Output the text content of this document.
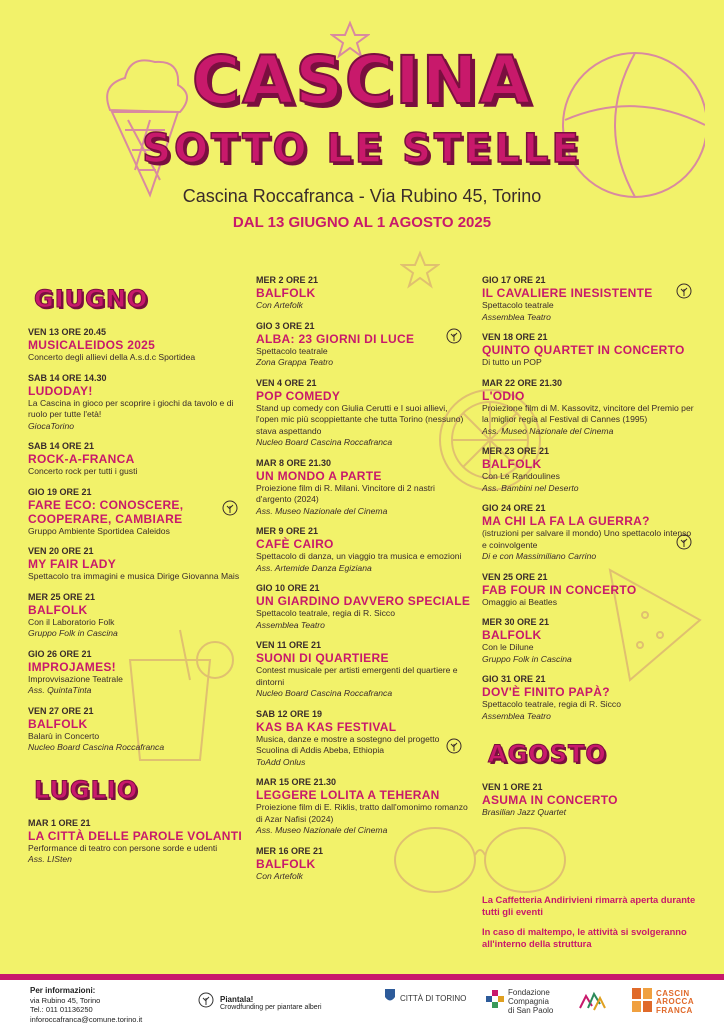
CASCINA
SOTTO LE STELLE
Cascina Roccafranca - Via Rubino 45, Torino
DAL 13 GIUGNO AL 1 AGOSTO 2025
GIUGNO
VEN 13 ORE 20.45
MUSICALEIDOS 2025
Concerto degli allievi della A.s.d.c Sportidea
SAB 14 ORE 14.30
LUDODAY!
La Cascina in gioco per scoprire i giochi da tavolo e di ruolo per tutte l'età!
GiocaTorino
SAB 14 ORE 21
ROCK-A-FRANCA
Concerto rock per tutti i gusti
GIO 19 ORE 21
FARE ECO: CONOSCERE, COOPERARE, CAMBIARE
Gruppo Ambiente Sportidea Caleidos
VEN 20 ORE 21
MY FAIR LADY
Spettacolo tra immagini e musica Dirige Giovanna Mais
MER 25 ORE 21
BALFOLK
Con il Laboratorio Folk
Gruppo Folk in Cascina
GIO 26 ORE 21
IMPROJAMES!
Improvvisazione Teatrale
Ass. QuintaTinta
VEN 27 ORE 21
BALFOLK
Balarù in Concerto
Nucleo Board Cascina Roccafranca
LUGLIO
MAR 1 ORE 21
LA CITTÀ DELLE PAROLE VOLANTI
Performance di teatro con persone sorde e udenti
Ass. LISten
MER 2 ORE 21
BALFOLK
Con Artefolk
GIO 3 ORE 21
ALBA: 23 GIORNI DI LUCE
Spettacolo teatrale
Zona Grappa Teatro
VEN 4 ORE 21
POP COMEDY
Stand up comedy con Giulia Cerutti e I suoi allievi, l'open mic più scoppiettante che tutta Torino (nessuno) stava aspettando
Nucleo Board Cascina Roccafranca
MAR 8 ORE 21.30
UN MONDO A PARTE
Proiezione film di R. Milani. Vincitore di 2 nastri d'argento (2024)
Ass. Museo Nazionale del Cinema
MER 9 ORE 21
CAFÈ CAIRO
Spettacolo di danza, un viaggio tra musica e emozioni
Ass. Artemide Danza Egiziana
GIO 10 ORE 21
UN GIARDINO DAVVERO SPECIALE
Spettacolo teatrale, regia di R. Sicco
Assemblea Teatro
VEN 11 ORE 21
SUONI DI QUARTIERE
Contest musicale per artisti emergenti del quartiere e dintorni
Nucleo Board Cascina Roccafranca
SAB 12 ORE 19
KAS BA KAS FESTIVAL
Musica, danze e mostre a sostegno del progetto Scuolina di Addis Abeba, Ethiopia
ToAdd Onlus
MAR 15 ORE 21.30
LEGGERE LOLITA A TEHERAN
Proiezione film di E. Riklis, tratto dall'omonimo romanzo di Azar Nafisi (2024)
Ass. Museo Nazionale del Cinema
MER 16 ORE 21
BALFOLK
Con Artefolk
GIO 17 ORE 21
IL CAVALIERE INESISTENTE
Spettacolo teatrale
Assemblea Teatro
VEN 18 ORE 21
QUINTO QUARTET IN CONCERTO
Di tutto un POP
MAR 22 ORE 21.30
L'ODIO
Proiezione film di M. Kassovitz, vincitore del Premio per la miglior regia al Festival di Cannes (1995)
Ass. Museo Nazionale del Cinema
MER 23 ORE 21
BALFOLK
Con Le Randoulines
Ass. Bambini nel Deserto
GIO 24 ORE 21
MA CHI LA FA LA GUERRA?
(istruzioni per salvare il mondo) Uno spettacolo intenso e coinvolgente
Di e con Massimiliano Carrino
VEN 25 ORE 21
FAB FOUR IN CONCERTO
Omaggio ai Beatles
MER 30 ORE 21
BALFOLK
Con le Dilune
Gruppo Folk in Cascina
GIO 31 ORE 21
DOV'È FINITO PAPÀ?
Spettacolo teatrale, regia di R. Sicco
Assemblea Teatro
AGOSTO
VEN 1 ORE 21
ASUMA IN CONCERTO
Brasilian Jazz Quartet

La Caffetteria Andirivieni rimarrà aperta durante tutti gli eventi

In caso di maltempo, le attività si svolgeranno all'interno della struttura

Per informazioni:
via Rubino 45, Torino
Tel.: 011 01136250
inforoccafranca@comune.torino.it
Piantala!
Crowdfunding per piantare alberi
CITTÀ DI TORINO
Fondazione
Compagnia
di San Paolo
CASCIN
AROCCA
FRANCA
